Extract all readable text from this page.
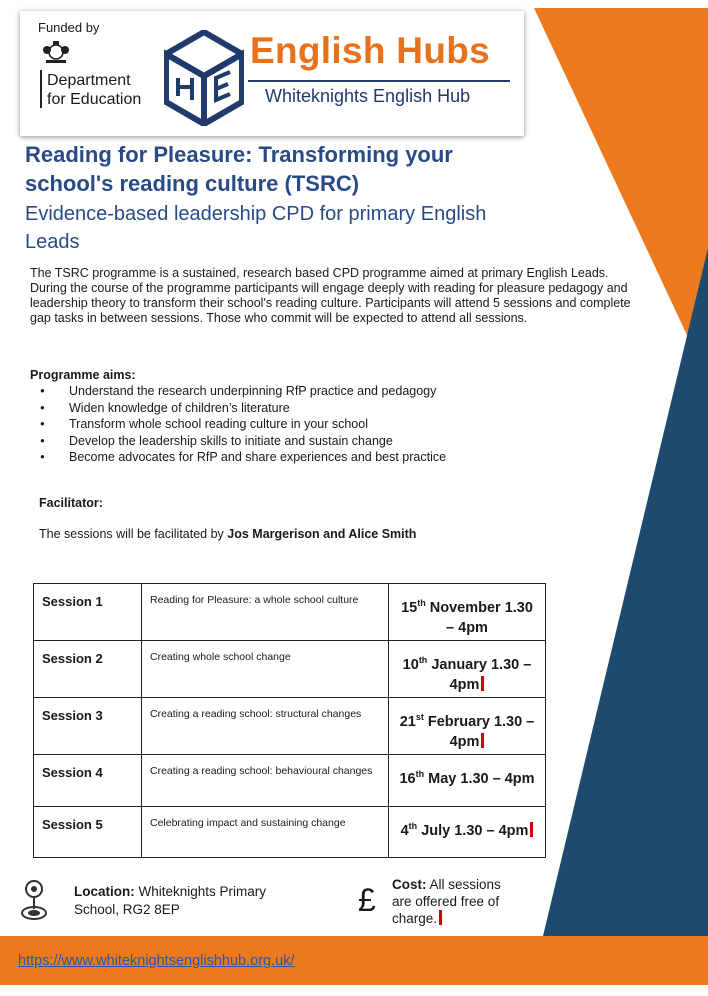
Funded by
Department
for Education
English Hubs
Whiteknights English Hub
Reading for Pleasure: Transforming your school's reading culture (TSRC)
Evidence-based leadership CPD for primary English Leads
The TSRC programme is a sustained, research based CPD programme aimed at primary English Leads. During the course of the programme participants will engage deeply with reading for pleasure pedagogy and leadership theory to transform their school's reading culture. Participants will attend 5 sessions and complete gap tasks in between sessions. Those who commit will be expected to attend all sessions.
Programme aims:
● Understand the research underpinning RfP practice and pedagogy
● Widen knowledge of children’s literature
● Transform whole school reading culture in your school
● Develop the leadership skills to initiate and sustain change
● Become advocates for RfP and share experiences and best practice
Facilitator:
The sessions will be facilitated by Jos Margerison and Alice Smith
Session 1	Reading for Pleasure: a whole school culture	15th November 1.30 – 4pm
Session 2	Creating whole school change	10th January 1.30 – 4pm
Session 3	Creating a reading school: structural changes	21st February 1.30 – 4pm
Session 4	Creating a reading school: behavioural changes	16th May 1.30 – 4pm
Session 5	Celebrating impact and sustaining change	4th July 1.30 – 4pm
Location: Whiteknights Primary School, RG2 8EP	£ Cost: All sessions are offered free of charge.
https://www.whiteknightsenglishhub.org.uk/
